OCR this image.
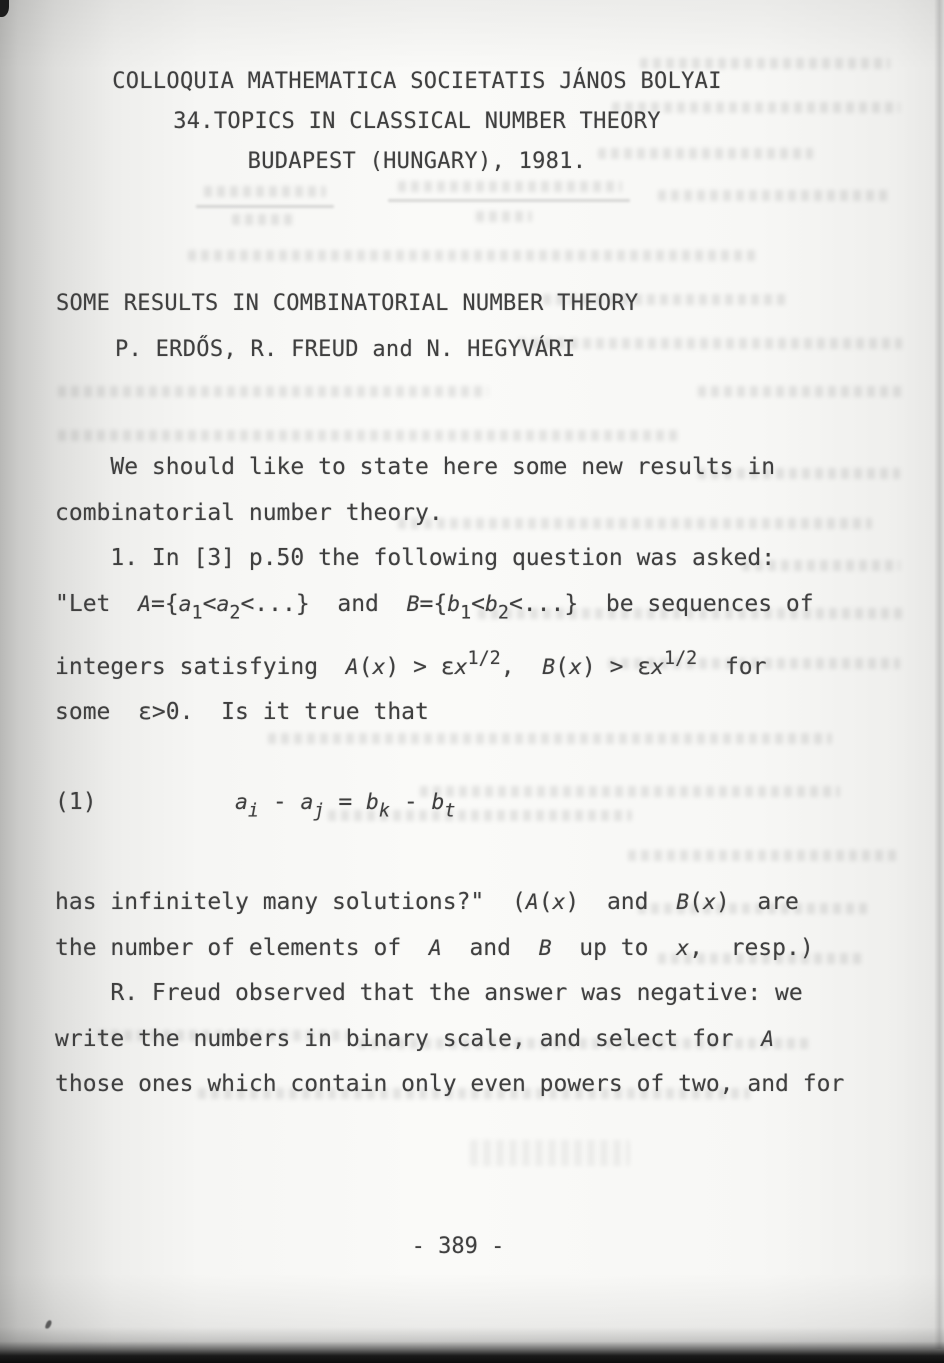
COLLOQUIA MATHEMATICA SOCIETATIS JÁNOS BOLYAI
34.TOPICS IN CLASSICAL NUMBER THEORY
BUDAPEST (HUNGARY), 1981.
SOME RESULTS IN COMBINATORIAL NUMBER THEORY
P. ERDŐS, R. FREUD and N. HEGYVÁRI
We should like to state here some new results in
combinatorial number theory.
1. In [3] p.50 the following question was asked:
"Let  $A=\{a_1<a_2<...\}$  and  $B=\{b_1<b_2<...\}$  be sequences of
integers satisfying  $A(x) > \varepsilon x^{1/2}$,  $B(x) > \varepsilon x^{1/2}$  for
some  ε>0.  Is it true that
(1)          $a_i - a_j = b_k - b_t$
has infinitely many solutions?"  (A(x)  and  B(x)  are
the number of elements of  A  and  B  up to  x,  resp.)
R. Freud observed that the answer was negative: we
write the numbers in binary scale, and select for  A
those ones which contain only even powers of two, and for
- 389 -
